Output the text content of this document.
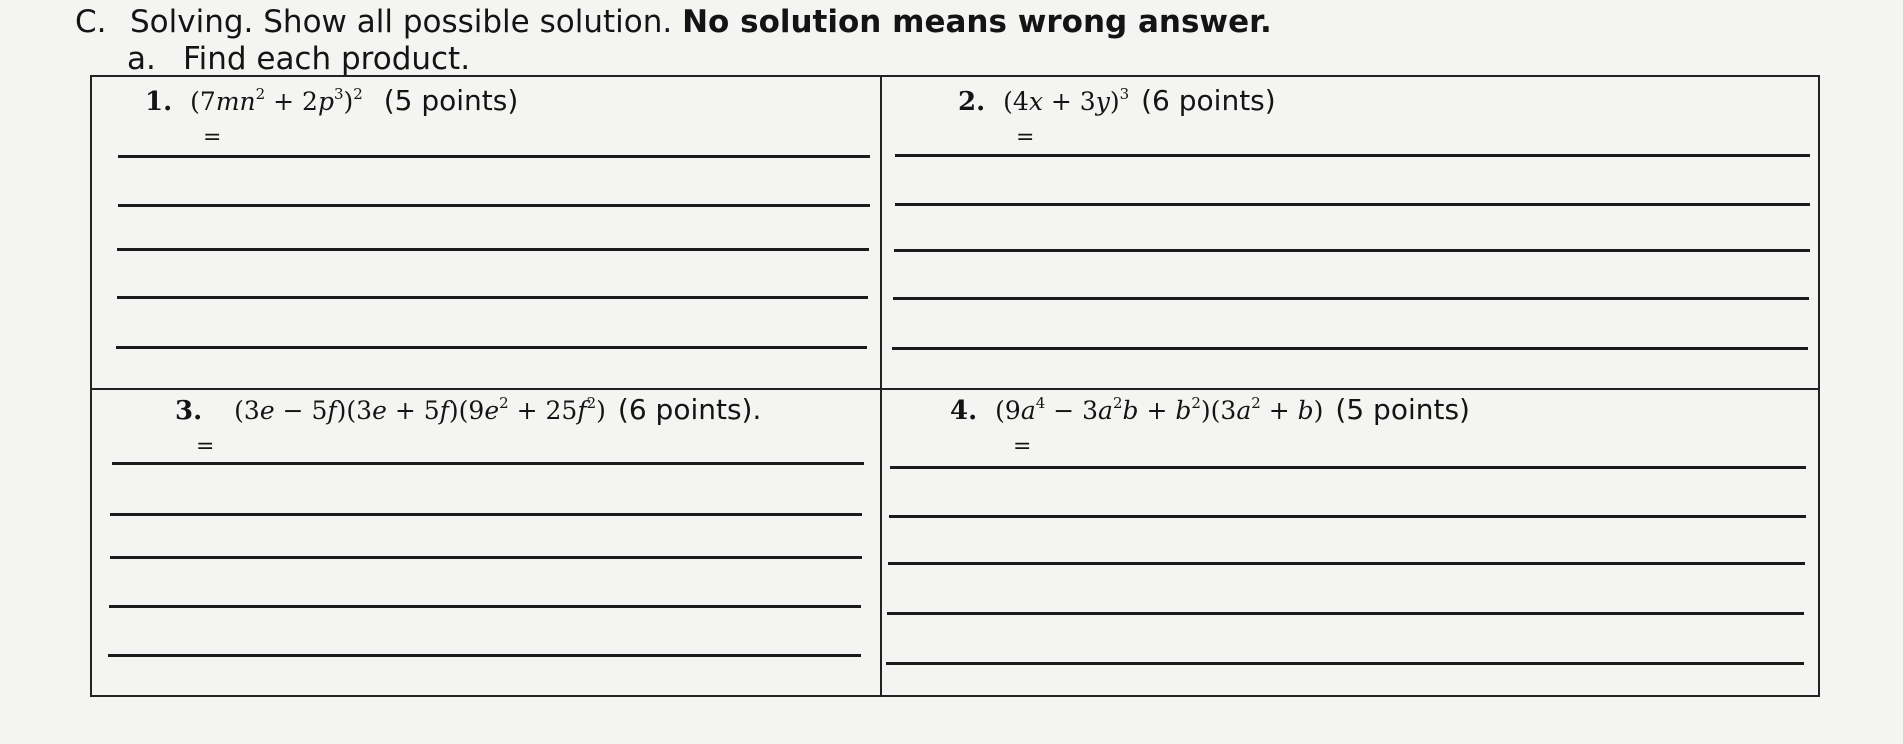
C. Solving. Show all possible solution. No solution means wrong answer.
a. Find each product.
1. $(7mn^2 + 2p^3)^2$ (5 points)
=
2. $(4x + 3y)^3$ (6 points)
=
3. $(3e - 5f)(3e + 5f)(9e^2 + 25f^2)$ (6 points).
=
4. $(9a^4 - 3a^2b + b^2)(3a^2 + b)$ (5 points)
=
